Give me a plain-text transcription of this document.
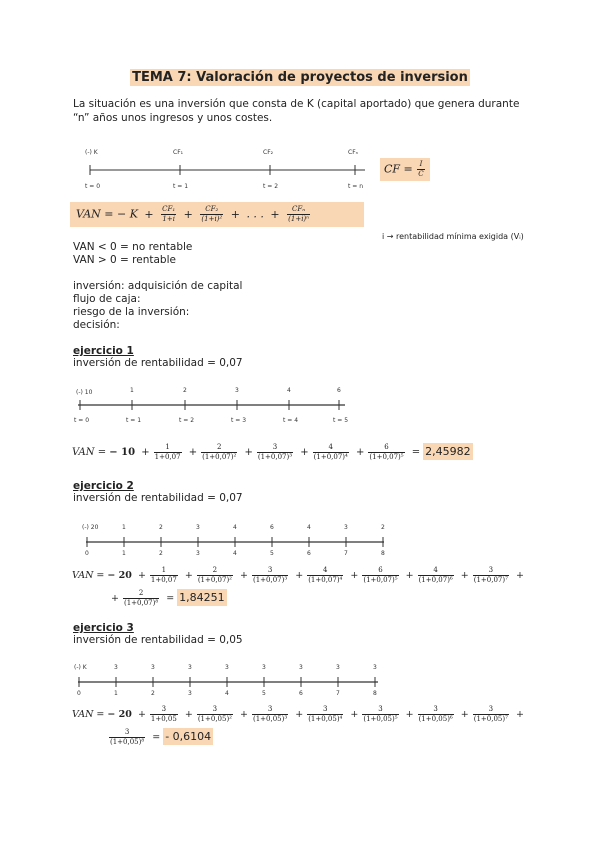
TEMA 7: Valoración de proyectos de inversion
La situación es una inversión que consta de K (capital aportado) que genera durante “n” años unos ingresos y unos costes.
(-) K	CF₁	CF₂	CFₙ
t = 0	t = 1	t = 2	t = n
CF = $\frac{I}{C}$
VAN = − $K + \frac{\text{CF₁}}{1+i} + \frac{\text{CF₂}}{\text{(1+i)²}}$ + . . . + $\frac{\text{CFₙ}}{\text{(1+i)ⁿ}}$
i → rentabilidad mínima exigida (Vᵢ)
VAN < 0 = no rentable
VAN > 0 = rentable
inversión: adquisición de capital
flujo de caja:
riesgo de la inversión:
decisión:
ejercicio 1
inversión de rentabilidad = 0,07
(-) 10	1	2	3	4	6
t = 0	t = 1	t = 2	t = 3	t = 4	t = 5
VAN = − $10 + \frac{1}{1+0,07} + \frac{2}{\text{(1+0,07)²}} + \frac{3}{\text{(1+0,07)³}} + \frac{4}{\text{(1+0,07)⁴}} + \frac{6}{\text{(1+0,07)⁵}} = 2,45982$
ejercicio 2
inversión de rentabilidad = 0,07
(-) 20	1	2	3	4	6	4	3	2
0	1	2	3	4	5	6	7	8
VAN = − $20 + \frac{1}{1+0,07} + \frac{2}{\text{(1+0,07)²}} + \frac{3}{\text{(1+0,07)³}} + \frac{4}{\text{(1+0,07)⁴}} + \frac{6}{\text{(1+0,07)⁵}} + \frac{4}{\text{(1+0,07)⁶}} + \frac{3}{\text{(1+0,07)⁷}}$ +
+ $\frac{2}{\text{(1+0,07)⁸}} = 1,84251$
ejercicio 3
inversión de rentabilidad = 0,05
(-) K	3	3	3	3	3	3	3	3
0	1	2	3	4	5	6	7	8
VAN = − $20 + \frac{3}{1+0,05} + \frac{3}{\text{(1+0,05)²}} + \frac{3}{\text{(1+0,05)³}} + \frac{3}{\text{(1+0,05)⁴}} + \frac{3}{\text{(1+0,05)⁵}} + \frac{3}{\text{(1+0,05)⁶}} + \frac{3}{\text{(1+0,05)⁷}}$ +
$\frac{3}{\text{(1+0,05)⁸}}$ = - 0,6104
